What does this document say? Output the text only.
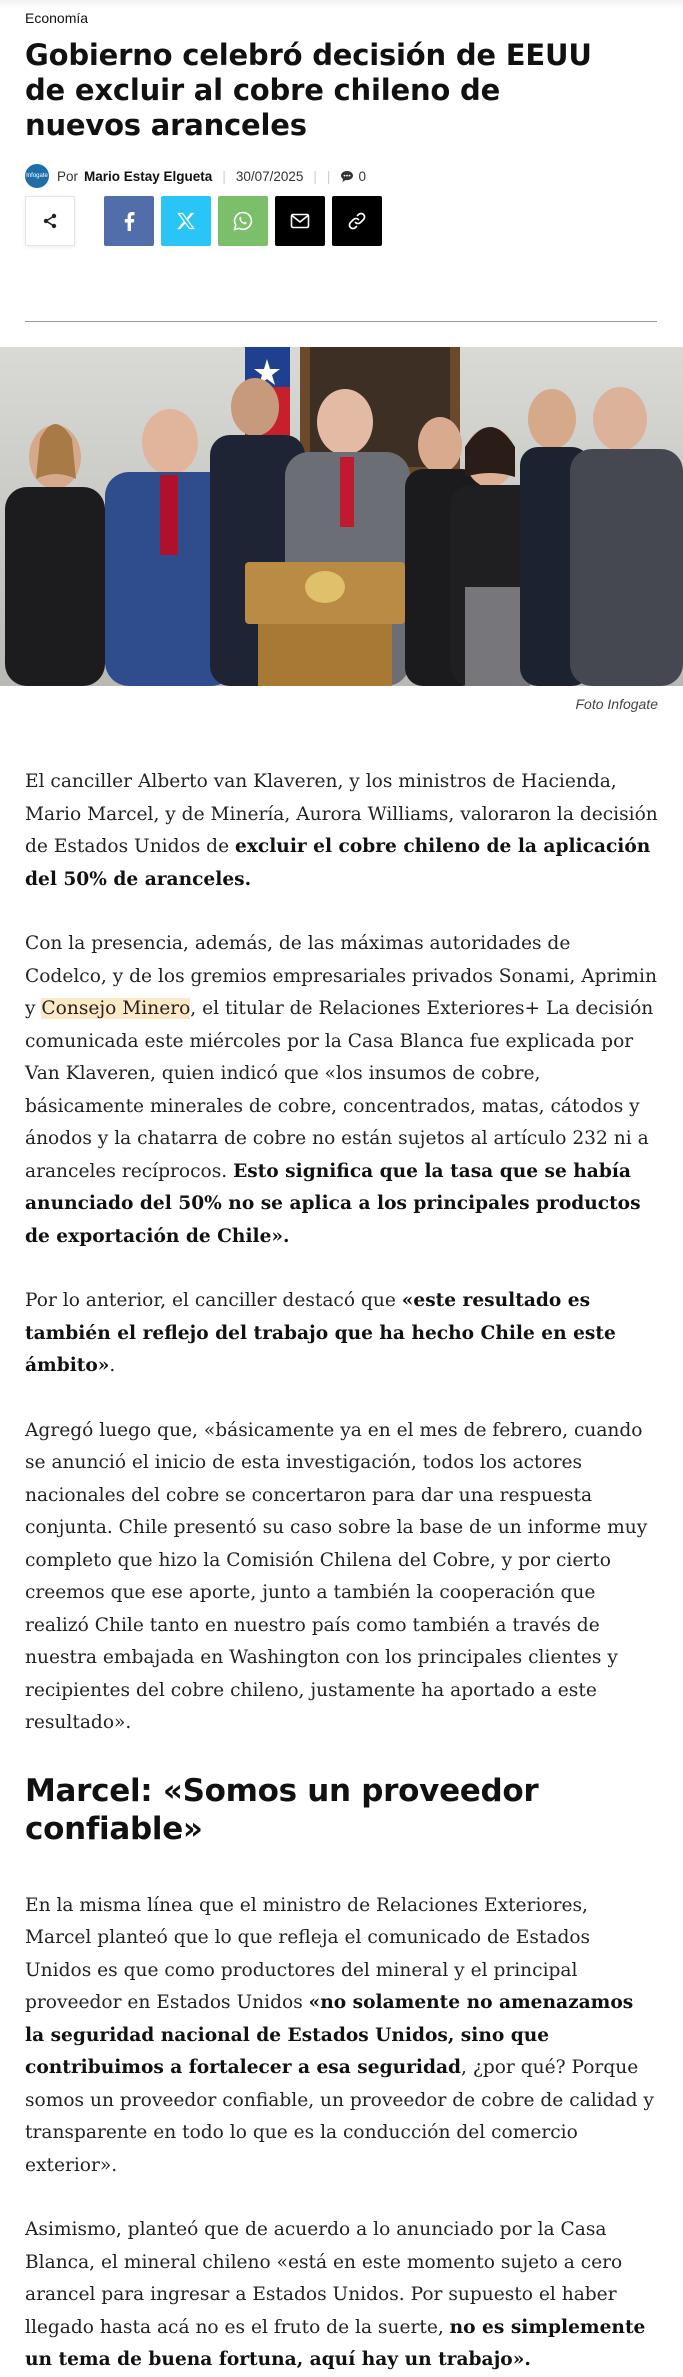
Economía
Gobierno celebró decisión de EEUU de excluir al cobre chileno de nuevos aranceles
Infogate Por Mario Estay Elgueta | 30/07/2025 | | 0
Foto Infogate

El canciller Alberto van Klaveren, y los ministros de Hacienda, Mario Marcel, y de Minería, Aurora Williams, valoraron la decisión de Estados Unidos de excluir el cobre chileno de la aplicación del 50% de aranceles.

Con la presencia, además, de las máximas autoridades de Codelco, y de los gremios empresariales privados Sonami, Aprimin y Consejo Minero, el titular de Relaciones Exteriores+ La decisión comunicada este miércoles por la Casa Blanca fue explicada por Van Klaveren, quien indicó que «los insumos de cobre, básicamente minerales de cobre, concentrados, matas, cátodos y ánodos y la chatarra de cobre no están sujetos al artículo 232 ni a aranceles recíprocos. Esto significa que la tasa que se había anunciado del 50% no se aplica a los principales productos de exportación de Chile».

Por lo anterior, el canciller destacó que «este resultado es también el reflejo del trabajo que ha hecho Chile en este ámbito».

Agregó luego que, «básicamente ya en el mes de febrero, cuando se anunció el inicio de esta investigación, todos los actores nacionales del cobre se concertaron para dar una respuesta conjunta. Chile presentó su caso sobre la base de un informe muy completo que hizo la Comisión Chilena del Cobre, y por cierto creemos que ese aporte, junto a también la cooperación que realizó Chile tanto en nuestro país como también a través de nuestra embajada en Washington con los principales clientes y recipientes del cobre chileno, justamente ha aportado a este resultado».

Marcel: «Somos un proveedor confiable»

En la misma línea que el ministro de Relaciones Exteriores, Marcel planteó que lo que refleja el comunicado de Estados Unidos es que como productores del mineral y el principal proveedor en Estados Unidos «no solamente no amenazamos la seguridad nacional de Estados Unidos, sino que contribuimos a fortalecer a esa seguridad, ¿por qué? Porque somos un proveedor confiable, un proveedor de cobre de calidad y transparente en todo lo que es la conducción del comercio exterior».

Asimismo, planteó que de acuerdo a lo anunciado por la Casa Blanca, el mineral chileno «está en este momento sujeto a cero arancel para ingresar a Estados Unidos. Por supuesto el haber llegado hasta acá no es el fruto de la suerte, no es simplemente un tema de buena fortuna, aquí hay un trabajo».
